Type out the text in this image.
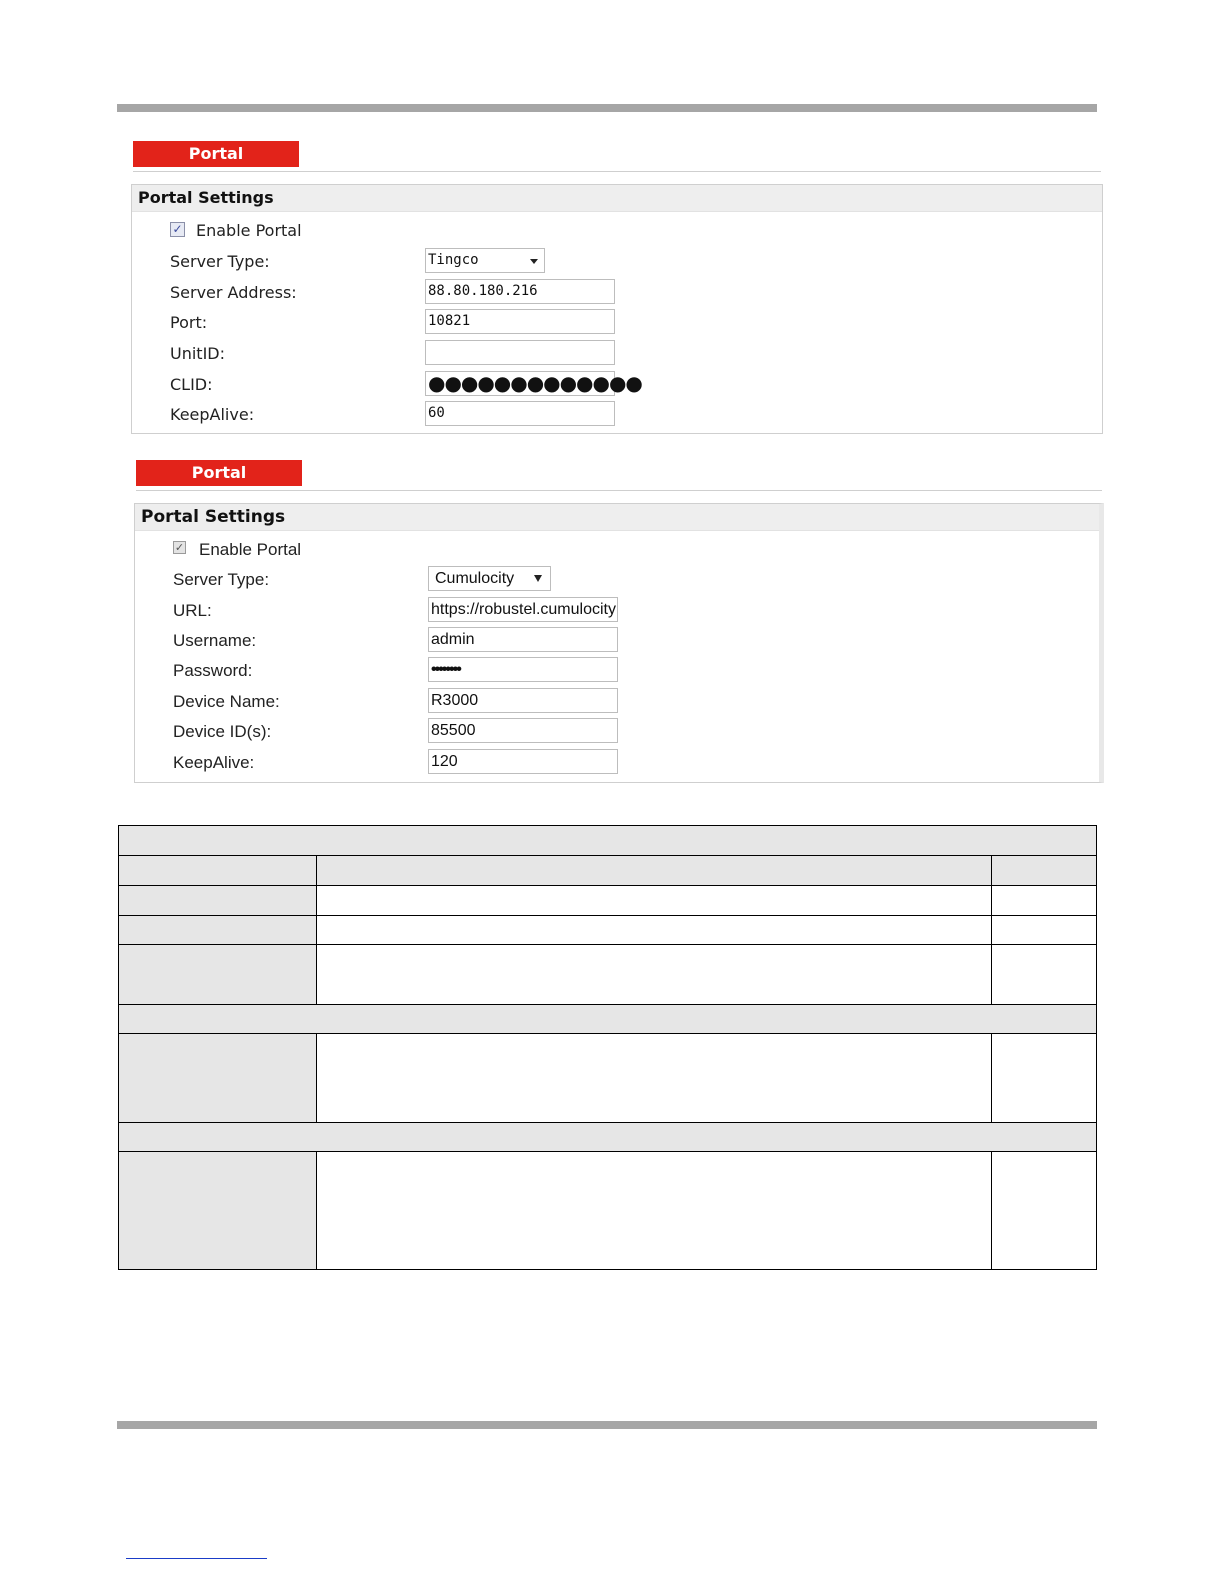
Portal
Portal Settings
✓ Enable Portal
Server Type:	Tingco
Server Address:	88.80.180.216
Port:	10821
UnitID:
CLID:	●●●●●●●●●●●●●
KeepAlive:	60
Portal
Portal Settings
✓ Enable Portal
Server Type:	Cumulocity
URL:	https://robustel.cumulocity
Username:	admin
Password:	••••••••
Device Name:	R3000
Device ID(s):	85500
KeepAlive:	120
